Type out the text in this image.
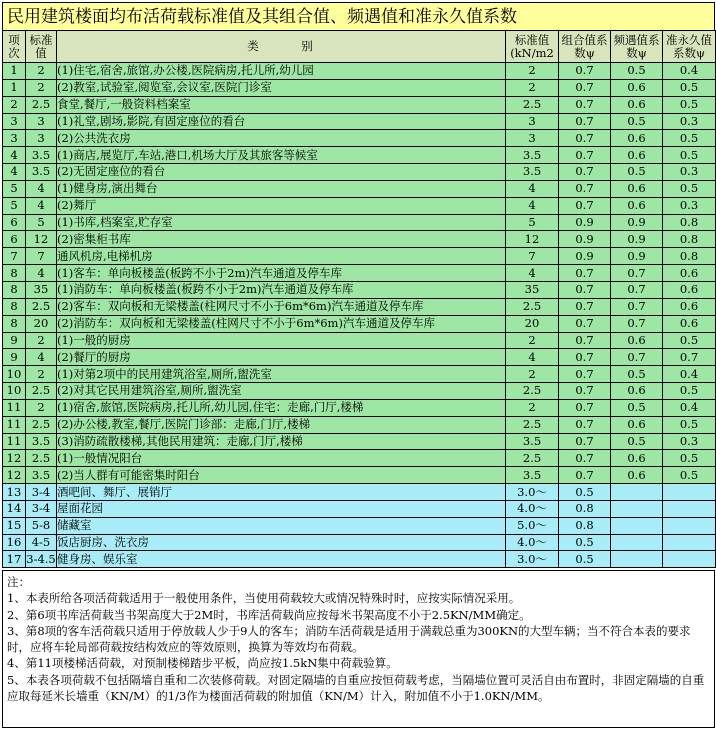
民用建筑楼面均布活荷载标准值及其组合值、频遇值和准永久值系数
项次	标准值	类　　　别	标准值(kN/m2	组合值系数ψ	频遇值系数ψ	准永久值系数ψ
1	2	(1)住宅,宿舍,旅馆,办公楼,医院病房,托儿所,幼儿园	2	0.7	0.5	0.4
1	2	(2)教室,试验室,阅览室,会议室,医院门诊室	2	0.7	0.6	0.5
2	2.5	食堂,餐厅,一般资料档案室	2.5	0.7	0.6	0.5
3	3	(1)礼堂,剧场,影院,有固定座位的看台	3	0.7	0.5	0.3
3	3	(2)公共洗衣房	3	0.7	0.6	0.5
4	3.5	(1)商店,展览厅,车站,港口,机场大厅及其旅客等候室	3.5	0.7	0.6	0.5
4	3.5	(2)无固定座位的看台	3.5	0.7	0.5	0.3
5	4	(1)健身房,演出舞台	4	0.7	0.6	0.5
5	4	(2)舞厅	4	0.7	0.6	0.3
6	5	(1)书库,档案室,贮存室	5	0.9	0.9	0.8
6	12	(2)密集柜书库	12	0.9	0.9	0.8
7	7	通风机房,电梯机房	7	0.9	0.9	0.8
8	4	(1)客车：单向板楼盖(板跨不小于2m)汽车通道及停车库	4	0.7	0.7	0.6
8	35	(1)消防车：单向板楼盖(板跨不小于2m)汽车通道及停车库	35	0.7	0.7	0.6
8	2.5	(2)客车：双向板和无梁楼盖(柱网尺寸不小于6m*6m)汽车通道及停车库	2.5	0.7	0.7	0.6
8	20	(2)消防车：双向板和无梁楼盖(柱网尺寸不小于6m*6m)汽车通道及停车库	20	0.7	0.7	0.6
9	2	(1)一般的厨房	2	0.7	0.6	0.5
9	4	(2)餐厅的厨房	4	0.7	0.7	0.7
10	2	(1)对第2项中的民用建筑浴室,厕所,盥洗室	2	0.7	0.5	0.4
10	2.5	(2)对其它民用建筑浴室,厕所,盥洗室	2.5	0.7	0.6	0.5
11	2	(1)宿舍,旅馆,医院病房,托儿所,幼儿园,住宅：走廊,门厅,楼梯	2	0.7	0.5	0.4
11	2.5	(2)办公楼,教室,餐厅,医院门诊部：走廊,门厅,楼梯	2.5	0.7	0.6	0.5
11	3.5	(3)消防疏散楼梯,其他民用建筑：走廊,门厅,楼梯	3.5	0.7	0.5	0.3
12	2.5	(1)一般情况阳台	2.5	0.7	0.6	0.5
12	3.5	(2)当人群有可能密集时阳台	3.5	0.7	0.6	0.5
13	3-4	酒吧间、舞厅、展销厅	3.0～	0.5		
14	3-4	屋面花园	4.0～	0.8		
15	5-8	储藏室	5.0～	0.8		
16	4-5	饭店厨房、洗衣房	4.0～	0.5		
17	3-4.5	健身房、娱乐室	3.0～	0.5		
注：
1、本表所给各项活荷载适用于一般使用条件，当使用荷载较大或情况特殊时时，应按实际情况采用。
2、第6项书库活荷载当书架高度大于2M时，书库活荷载尚应按每米书架高度不小于2.5KN/MM确定。
3、第8项的客车活荷载只适用于停放载人少于9人的客车；消防车活荷载是适用于满载总重为300KN的大型车辆；当不符合本表的要求时，应将车轮局部荷载按结构效应的等效原则，换算为等效均布荷载。
4、第11项楼梯活荷载，对预制楼梯踏步平板，尚应按1.5kN集中荷载验算。
5、本表各项荷载不包括隔墙自重和二次装修荷载。对固定隔墙的自重应按恒荷载考虑，当隔墙位置可灵活自由布置时，非固定隔墙的自重应取每延米长墙重（KN/M）的1/3作为楼面活荷载的附加值（KN/M）计入，附加值不小于1.0KN/MM。
